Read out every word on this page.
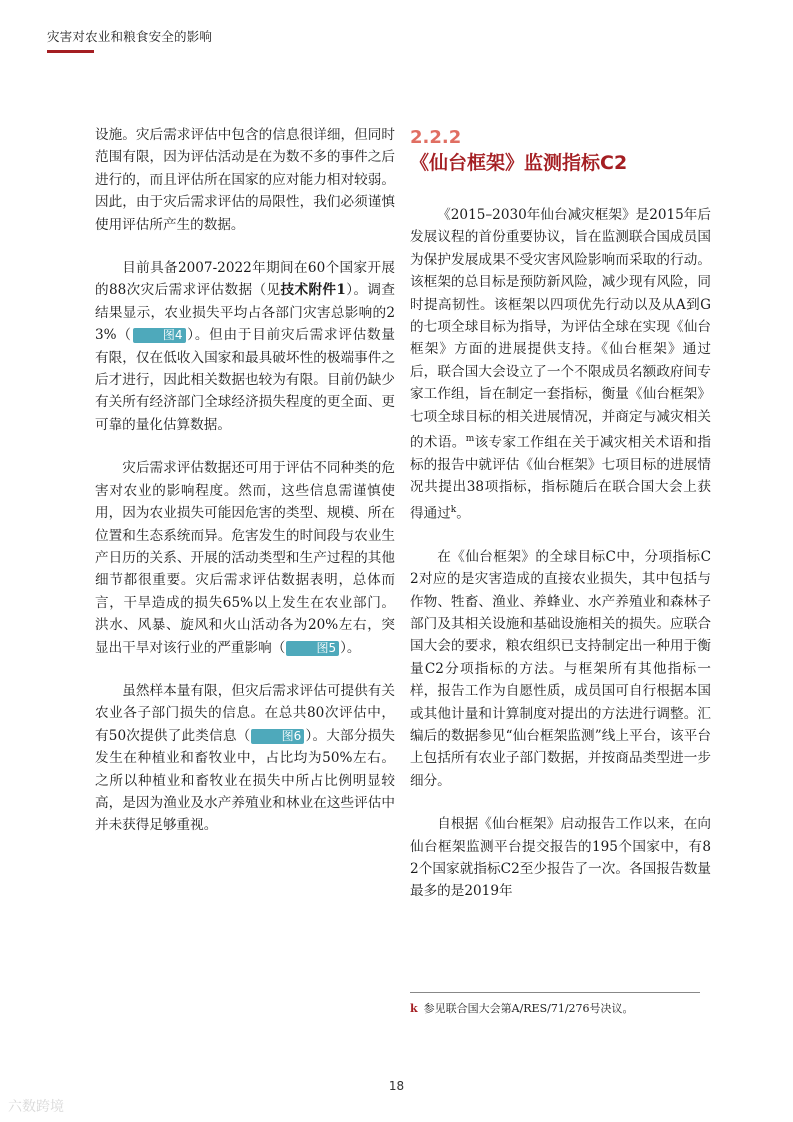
灾害对农业和粮食安全的影响

设施。灾后需求评估中包含的信息很详细，但同时范围有限，因为评估活动是在为数不多的事件之后进行的，而且评估所在国家的应对能力相对较弱。因此，由于灾后需求评估的局限性，我们必须谨慎使用评估所产生的数据。

目前具备2007-2022年期间在60个国家开展的88次灾后需求评估数据（见技术附件1）。调查结果显示，农业损失平均占各部门灾害总影响的23%（	图4 ）。但由于目前灾后需求评估数量有限，仅在低收入国家和最具破坏性的极端事件之后才进行，因此相关数据也较为有限。目前仍缺少有关所有经济部门全球经济损失程度的更全面、更可靠的量化估算数据。

灾后需求评估数据还可用于评估不同种类的危害对农业的影响程度。然而，这些信息需谨慎使用，因为农业损失可能因危害的类型、规模、所在位置和生态系统而异。危害发生的时间段与农业生产日历的关系、开展的活动类型和生产过程的其他细节都很重要。灾后需求评估数据表明，总体而言，干旱造成的损失65%以上发生在农业部门。洪水、风暴、旋风和火山活动各为20%左右，突显出干旱对该行业的严重影响（	图5 ）。

虽然样本量有限，但灾后需求评估可提供有关农业各子部门损失的信息。在总共80次评估中，有50次提供了此类信息（	图6 ）。大部分损失发生在种植业和畜牧业中，占比均为50%左右。之所以种植业和畜牧业在损失中所占比例明显较高，是因为渔业及水产养殖业和林业在这些评估中并未获得足够重视。

2.2.2
《仙台框架》监测指标C2

《2015–2030年仙台减灾框架》是2015年后发展议程的首份重要协议，旨在监测联合国成员国为保护发展成果不受灾害风险影响而采取的行动。该框架的总目标是预防新风险，减少现有风险，同时提高韧性。该框架以四项优先行动以及从A到G的七项全球目标为指导，为评估全球在实现《仙台框架》方面的进展提供支持。《仙台框架》通过后，联合国大会设立了一个不限成员名额政府间专家工作组，旨在制定一套指标，衡量《仙台框架》七项全球目标的相关进展情况，并商定与减灾相关的术语。$^m$该专家工作组在关于减灾相关术语和指标的报告中就评估《仙台框架》七项目标的进展情况共提出38项指标，指标随后在联合国大会上获得通过$^k$。

在《仙台框架》的全球目标C中，分项指标C2对应的是灾害造成的直接农业损失，其中包括与作物、牲畜、渔业、养蜂业、水产养殖业和森林子部门及其相关设施和基础设施相关的损失。应联合国大会的要求，粮农组织已支持制定出一种用于衡量C2分项指标的方法。与框架所有其他指标一样，报告工作为自愿性质，成员国可自行根据本国或其他计量和计算制度对提出的方法进行调整。汇编后的数据参见“仙台框架监测”线上平台，该平台上包括所有农业子部门数据，并按商品类型进一步细分。

自根据《仙台框架》启动报告工作以来，在向仙台框架监测平台提交报告的195个国家中，有82个国家就指标C2至少报告了一次。各国报告数量最多的是2019年

k 参见联合国大会第A/RES/71/276号决议。
18
六数跨境
